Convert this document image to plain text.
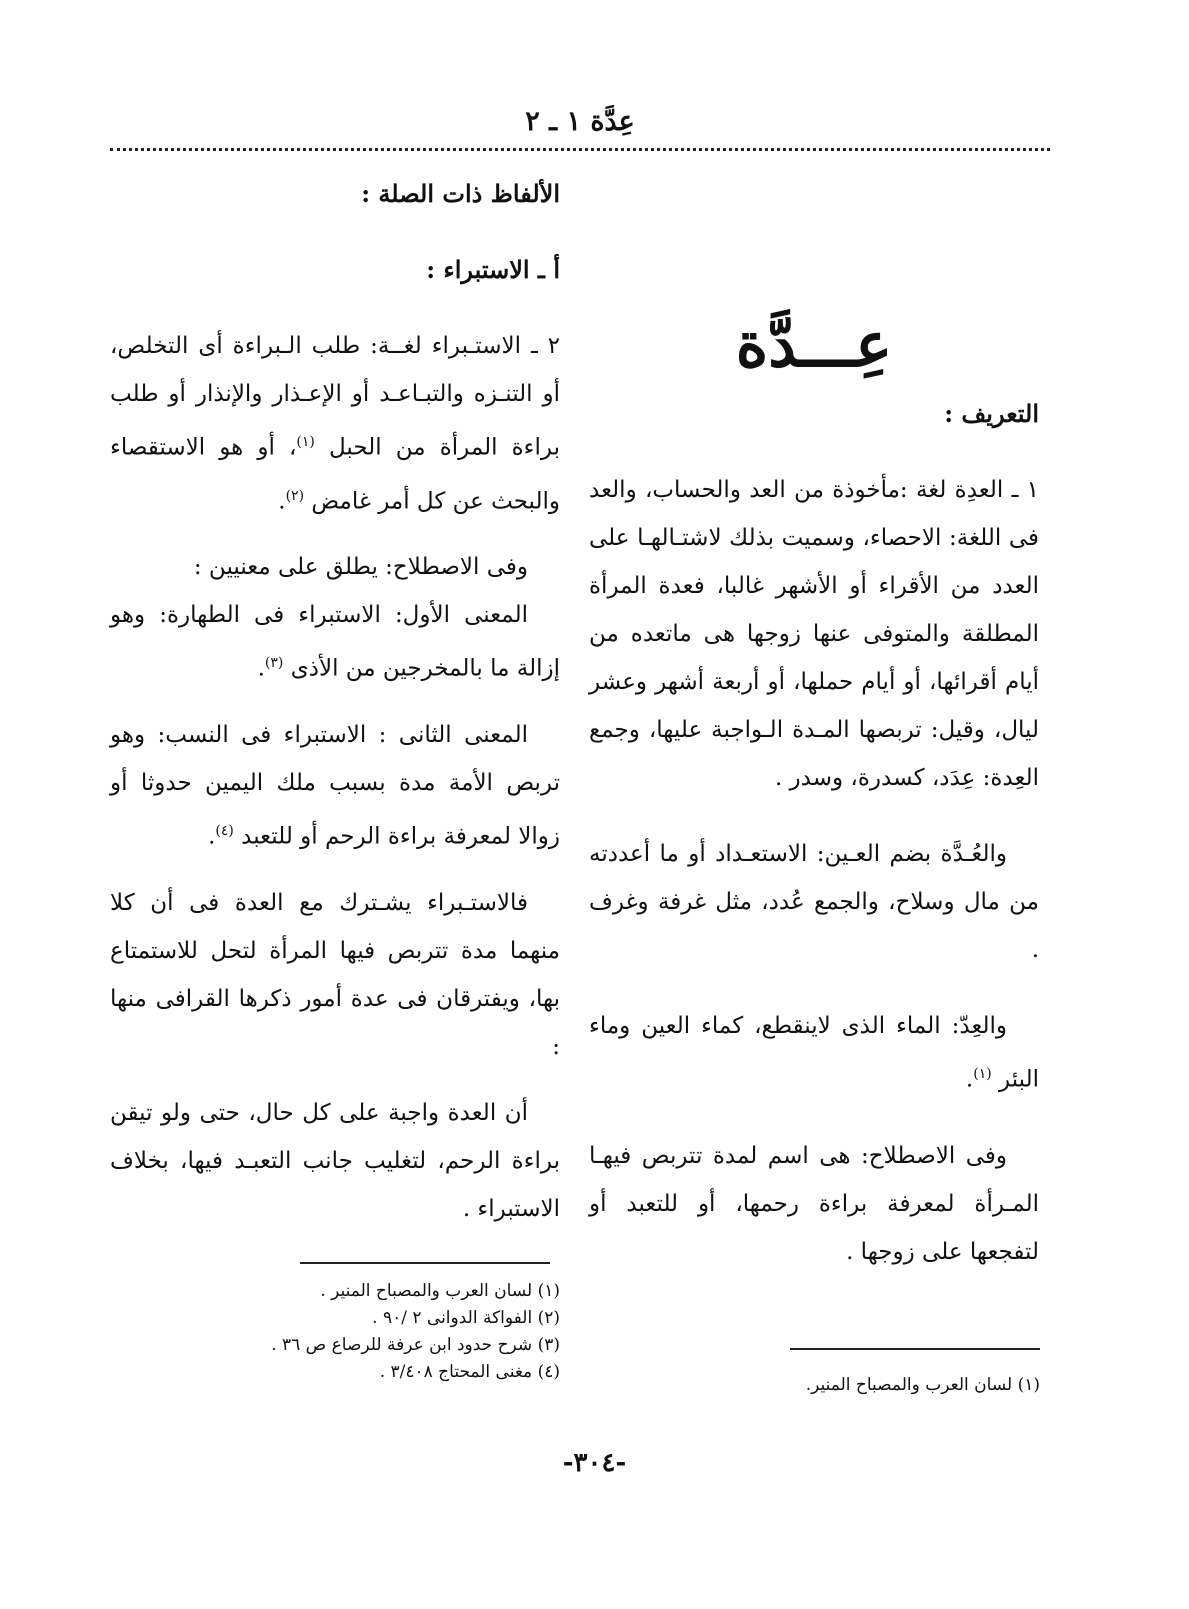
عِدَّة ١ ـ ٢

عِـــدَّة

التعريف :

١ ـ العدِة لغة :مأخوذة من العد والحساب، والعد فى اللغة: الاحصاء، وسميت بذلك لاشتـالهـا على العدد من الأقراء أو الأشهر غالبا، فعدة المرأة المطلقة والمتوفى عنها زوجها هى ماتعده من أيام أقرائها، أو أيام حملها، أو أربعة أشهر وعشر ليال، وقيل: تربصها المـدة الـواجبة عليها، وجمع العِدة: عِدَد، كسدرة، وسدر .

والعُـدَّة بضم العـين: الاستعـداد أو ما أعددته من مال وسلاح، والجمع عُدد، مثل غرفة وغرف .

والعِدّ: الماء الذى لاينقطع، كماء العين وماء البئر $^{(١)}$.

وفى الاصطلاح: هى اسم لمدة تتربص فيهـا المـرأة لمعرفة براءة رحمها، أو للتعبد أو لتفجعها على زوجها .

الألفاظ ذات الصلة :

أ ـ الاستبراء :

٢ ـ الاستـبراء لغــة: طلب الـبراءة أى التخلص، أو التنـزه والتبـاعـد أو الإعـذار والإنذار أو طلب براءة المرأة من الحبل $^{(١)}$، أو هو الاستقصاء والبحث عن كل أمر غامض $^{(٢)}$.

وفى الاصطلاح: يطلق على معنيين :

المعنى الأول: الاستبراء فى الطهارة: وهو إزالة ما بالمخرجين من الأذى $^{(٣)}$.

المعنى الثانى : الاستبراء فى النسب: وهو تربص الأمة مدة بسبب ملك اليمين حدوثا أو زوالا لمعرفة براءة الرحم أو للتعبد $^{(٤)}$.

فالاستـبراء يشـترك مع العدة فى أن كلا منهما مدة تتربص فيها المرأة لتحل للاستمتاع بها، ويفترقان فى عدة أمور ذكرها القرافى منها :

أن العدة واجبة على كل حال، حتى ولو تيقن براءة الرحم، لتغليب جانب التعبـد فيها، بخلاف الاستبراء .

(١) لسان العرب والمصباح المنير .

(٢) الفواكة الدوانى ٢ /٩٠ .

(٣) شرح حدود ابن عرفة للرصاع ص ٣٦ .

(٤) مغنى المحتاج ٣/٤٠٨ .

(١) لسان العرب والمصباح المنير.

-٣٠٤-
